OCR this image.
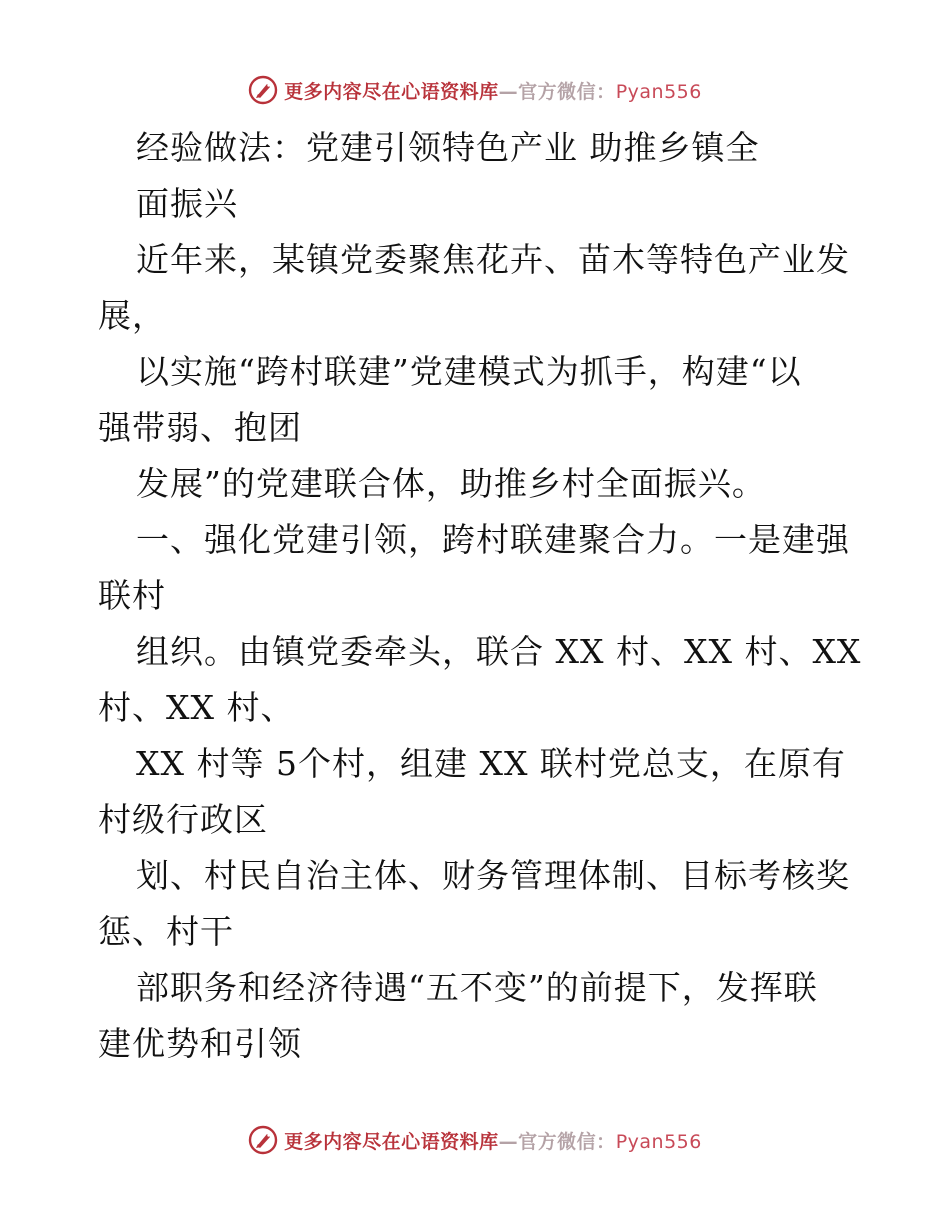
更多内容尽在心语资料库—官方微信：Pyan556
经验做法：党建引领特色产业 助推乡镇全
面振兴
近年来，某镇党委聚焦花卉、苗木等特色产业发
展，
以实施“跨村联建”党建模式为抓手，构建“以
强带弱、抱团
发展”的党建联合体，助推乡村全面振兴。
一、强化党建引领，跨村联建聚合力。一是建强
联村
组织。由镇党委牵头，联合 XX 村、XX 村、XX
村、XX 村、
XX 村等 5个村，组建 XX 联村党总支，在原有
村级行政区
划、村民自治主体、财务管理体制、目标考核奖
惩、村干
部职务和经济待遇“五不变”的前提下，发挥联
建优势和引领
更多内容尽在心语资料库—官方微信：Pyan556
